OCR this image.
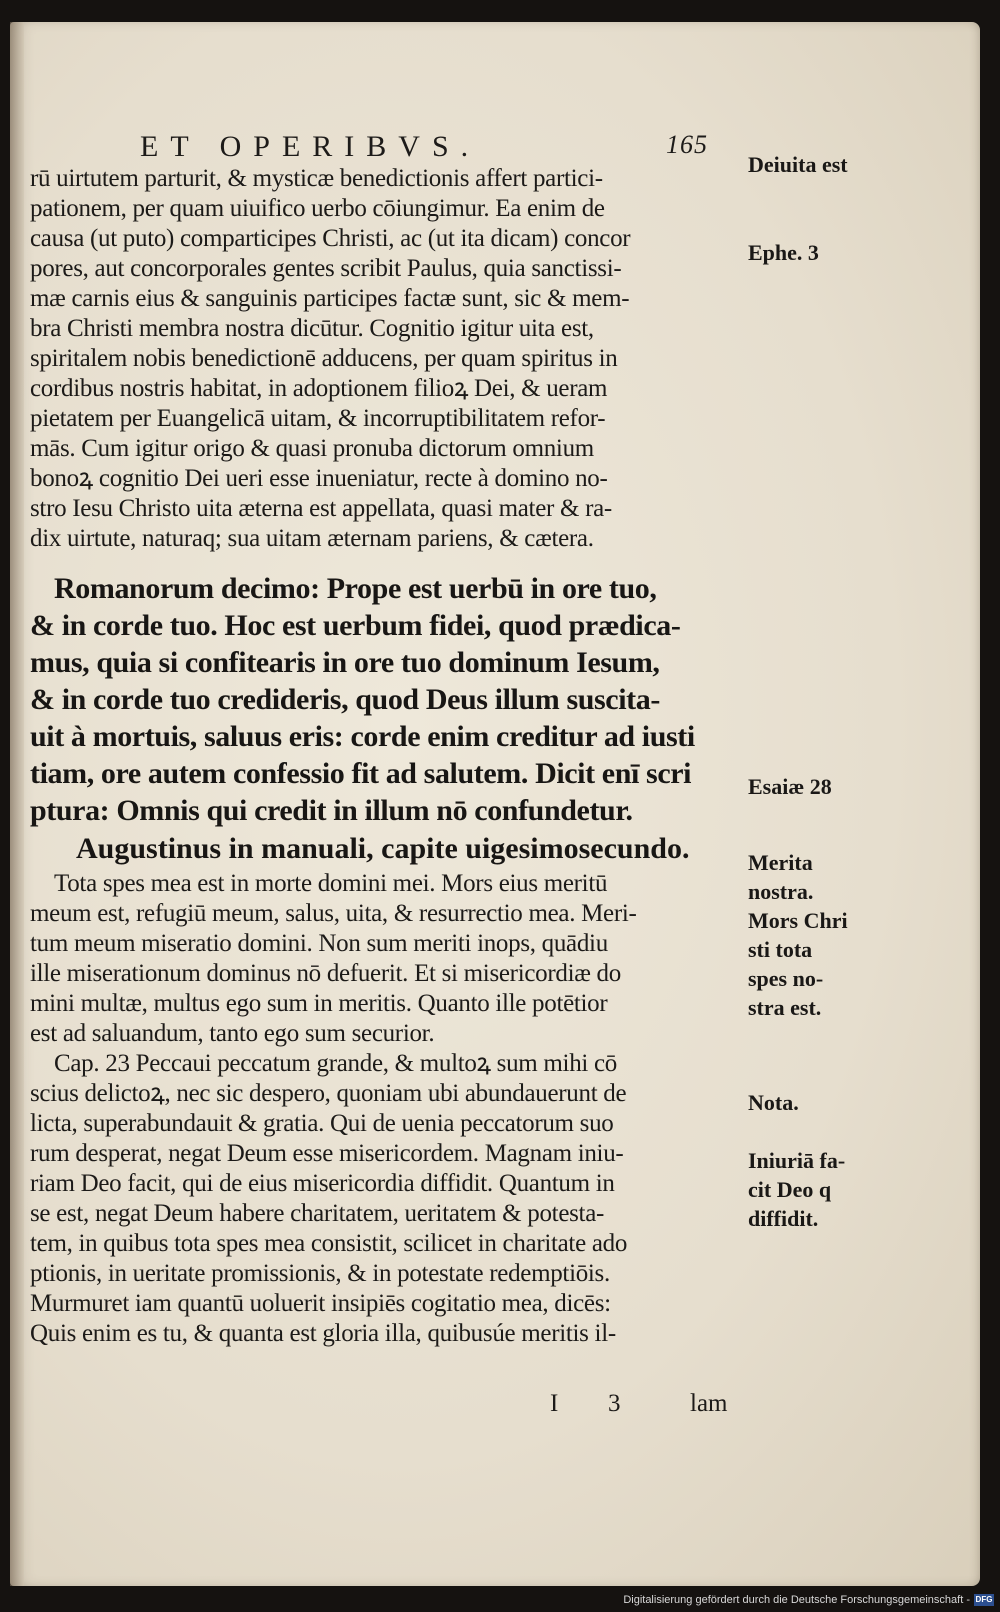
ET OPERIBVS.	165
rū uirtutem parturit, & mysticæ benedictionis affert partici-
pationem, per quam uiuifico uerbo cōiungimur. Ea enim de
causa (ut puto) comparticipes Christi, ac (ut ita dicam) concor
pores, aut concorporales gentes scribit Paulus, quia sanctissi-
mæ carnis eius & sanguinis participes factæ sunt, sic & mem-
bra Christi membra nostra dicūtur. Cognitio igitur uita est,
spiritalem nobis benedictionē adducens, per quam spiritus in
cordibus nostris habitat, in adoptionem filioꝝ Dei, & ueram
pietatem per Euangelicā uitam, & incorruptibilitatem refor-
mās. Cum igitur origo & quasi pronuba dictorum omnium
bonoꝝ cognitio Dei ueri esse inueniatur, recte à domino no-
stro Iesu Christo uita æterna est appellata, quasi mater & ra-
dix uirtute, naturaq; sua uitam æternam pariens, & cætera.
Romanorum decimo: Prope est uerbū in ore tuo,
& in corde tuo. Hoc est uerbum fidei, quod prædica-
mus, quia si confitearis in ore tuo dominum Iesum,
& in corde tuo credideris, quod Deus illum suscita-
uit à mortuis, saluus eris: corde enim creditur ad iusti
tiam, ore autem confessio fit ad salutem. Dicit enī scri
ptura: Omnis qui credit in illum nō confundetur.
Augustinus in manuali, capite uigesimosecundo.
Tota spes mea est in morte domini mei. Mors eius meritū
meum est, refugiū meum, salus, uita, & resurrectio mea. Meri-
tum meum miseratio domini. Non sum meriti inops, quādiu
ille miserationum dominus nō defuerit. Et si misericordiæ do
mini multæ, multus ego sum in meritis. Quanto ille potētior
est ad saluandum, tanto ego sum securior.
Cap. 23 Peccaui peccatum grande, & multoꝝ sum mihi cō
scius delictoꝝ, nec sic despero, quoniam ubi abundauerunt de
licta, superabundauit & gratia. Qui de uenia peccatorum suo
rum desperat, negat Deum esse misericordem. Magnam iniu-
riam Deo facit, qui de eius misericordia diffidit. Quantum in
se est, negat Deum habere charitatem, ueritatem & potesta-
tem, in quibus tota spes mea consistit, scilicet in charitate ado
ptionis, in ueritate promissionis, & in potestate redemptiōis.
Murmuret iam quantū uoluerit insipiēs cogitatio mea, dicēs:
Quis enim es tu, & quanta est gloria illa, quibusúe meritis il-
Deiuita est
Ephe. 3
Esaiæ 28
Merita
nostra.
Mors Chri
sti tota
spes no-
stra est.
Nota.
Iniuriā fa-
cit Deo q
diffidit.
I 3	lam
Digitalisierung gefördert durch die Deutsche Forschungsgemeinschaft - DFG
